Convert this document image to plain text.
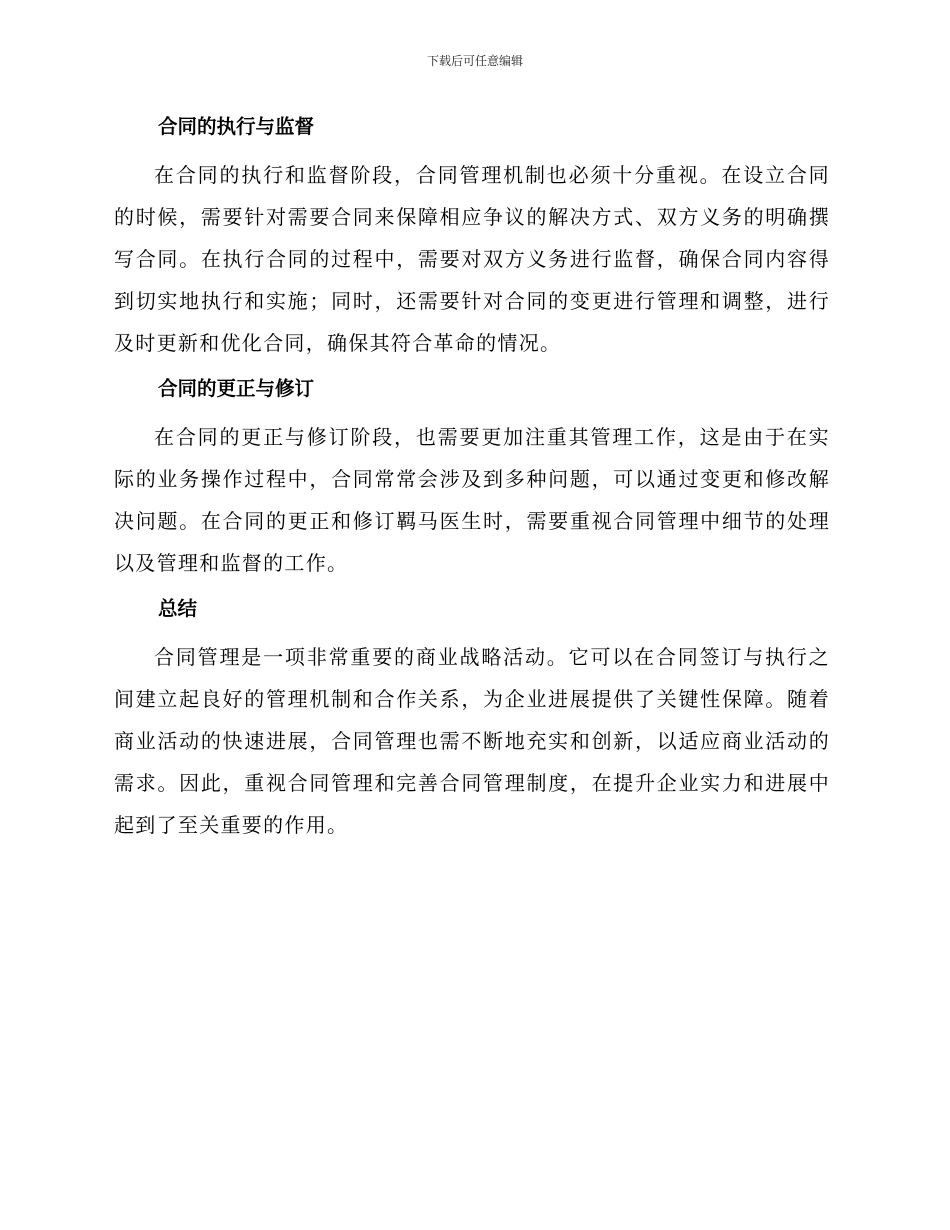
下载后可任意编辑
合同的执行与监督

在合同的执行和监督阶段，合同管理机制也必须十分重视。在设立合同的时候，需要针对需要合同来保障相应争议的解决方式、双方义务的明确撰写合同。在执行合同的过程中，需要对双方义务进行监督，确保合同内容得到切实地执行和实施；同时，还需要针对合同的变更进行管理和调整，进行及时更新和优化合同，确保其符合革命的情况。

合同的更正与修订

在合同的更正与修订阶段，也需要更加注重其管理工作，这是由于在实际的业务操作过程中，合同常常会涉及到多种问题，可以通过变更和修改解决问题。在合同的更正和修订羁马医生时，需要重视合同管理中细节的处理以及管理和监督的工作。

总结

合同管理是一项非常重要的商业战略活动。它可以在合同签订与执行之间建立起良好的管理机制和合作关系，为企业进展提供了关键性保障。随着商业活动的快速进展，合同管理也需不断地充实和创新，以适应商业活动的需求。因此，重视合同管理和完善合同管理制度，在提升企业实力和进展中起到了至关重要的作用。
